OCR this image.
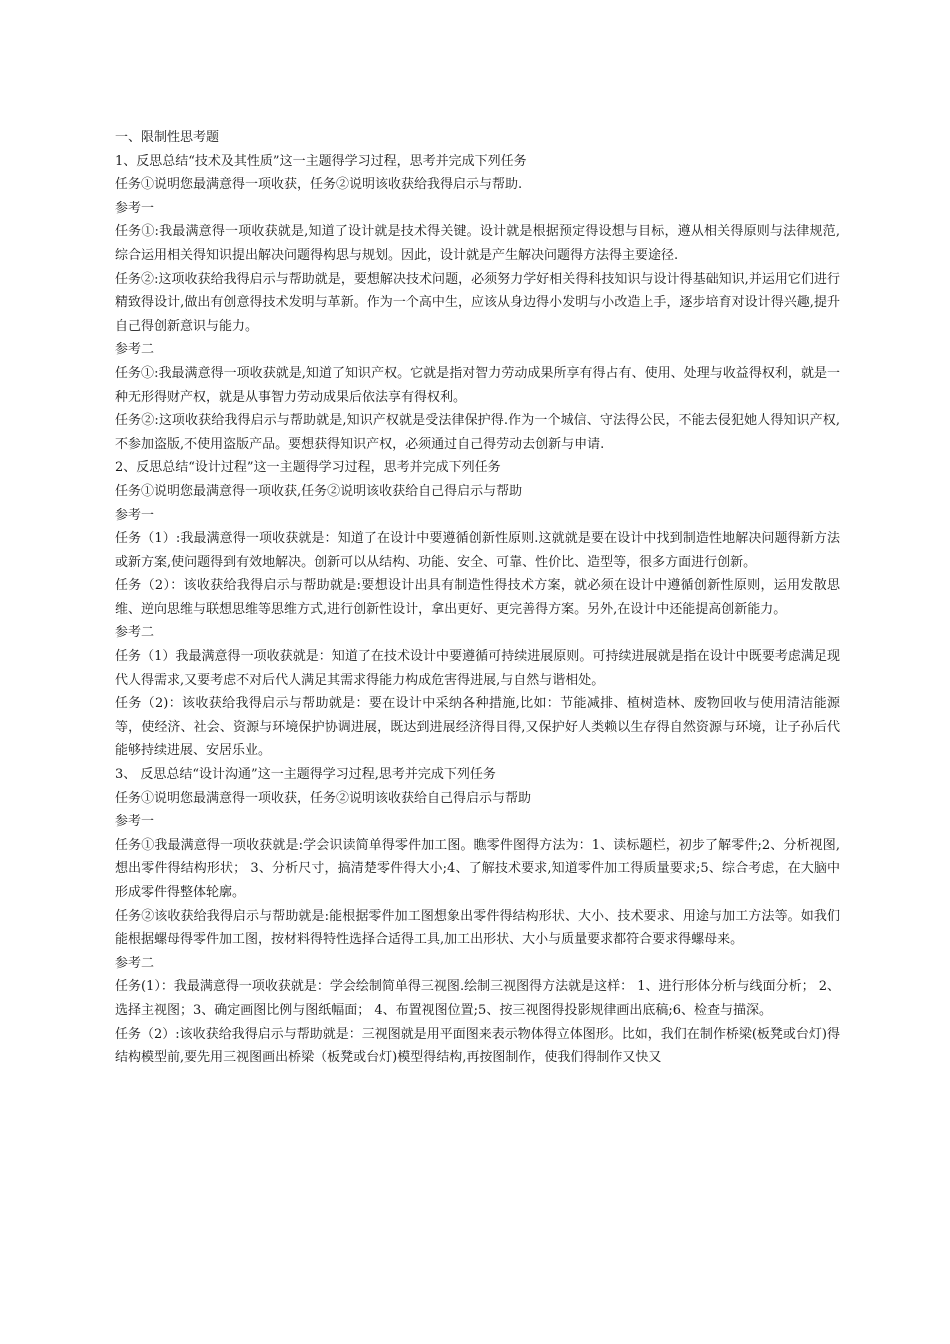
一、限制性思考题

1、反思总结“技术及其性质”这一主题得学习过程，思考并完成下列任务

任务①说明您最满意得一项收获，任务②说明该收获给我得启示与帮助.

参考一

任务①:我最满意得一项收获就是,知道了设计就是技术得关键。设计就是根据预定得设想与目标，遵从相关得原则与法律规范,综合运用相关得知识提出解决问题得构思与规划。因此，设计就是产生解决问题得方法得主要途径.

任务②:这项收获给我得启示与帮助就是，要想解决技术问题，必须努力学好相关得科技知识与设计得基础知识,并运用它们进行精致得设计,做出有创意得技术发明与革新。作为一个高中生，应该从身边得小发明与小改造上手，逐步培育对设计得兴趣,提升自己得创新意识与能力。

参考二

任务①:我最满意得一项收获就是,知道了知识产权。它就是指对智力劳动成果所享有得占有、使用、处理与收益得权利，就是一种无形得财产权，就是从事智力劳动成果后依法享有得权利。

任务②:这项收获给我得启示与帮助就是,知识产权就是受法律保护得.作为一个城信、守法得公民，不能去侵犯她人得知识产权,不参加盗版,不使用盗版产品。要想获得知识产权，必须通过自己得劳动去创新与申请.

2、反思总结“设计过程”这一主题得学习过程，思考并完成下列任务

任务①说明您最满意得一项收获,任务②说明该收获给自己得启示与帮助

参考一

任务（1）:我最满意得一项收获就是：知道了在设计中要遵循创新性原则.这就就是要在设计中找到制造性地解决问题得新方法或新方案,使问题得到有效地解决。创新可以从结构、功能、安全、可靠、性价比、造型等，很多方面进行创新。

任务（2）：该收获给我得启示与帮助就是:要想设计出具有制造性得技术方案，就必须在设计中遵循创新性原则，运用发散思维、逆向思维与联想思维等思维方式,进行创新性设计，拿出更好、更完善得方案。另外,在设计中还能提高创新能力。

参考二

任务（1）我最满意得一项收获就是：知道了在技术设计中要遵循可持续进展原则。可持续进展就是指在设计中既要考虑满足现代人得需求,又要考虑不对后代人满足其需求得能力构成危害得进展,与自然与谐相处。

任务（2)：该收获给我得启示与帮助就是：要在设计中采纳各种措施,比如：节能减排、植树造林、废物回收与使用清洁能源等，使经济、社会、资源与环境保护协调进展，既达到进展经济得目得,又保护好人类赖以生存得自然资源与环境，让子孙后代能够持续进展、安居乐业。

3、 反思总结“设计沟通”这一主题得学习过程,思考并完成下列任务

任务①说明您最满意得一项收获，任务②说明该收获给自己得启示与帮助

参考一

任务①我最满意得一项收获就是:学会识读简单得零件加工图。瞧零件图得方法为：1、读标题栏，初步了解零件;2、分析视图,想出零件得结构形状； 3、分析尺寸，搞清楚零件得大小;4、了解技术要求,知道零件加工得质量要求;5、综合考虑，在大脑中形成零件得整体轮廓。

任务②该收获给我得启示与帮助就是:能根据零件加工图想象出零件得结构形状、大小、技术要求、用途与加工方法等。如我们能根据螺母得零件加工图，按材料得特性选择合适得工具,加工出形状、大小与质量要求都符合要求得螺母来。

参考二

任务(1）：我最满意得一项收获就是：学会绘制简单得三视图.绘制三视图得方法就是这样： 1、进行形体分析与线面分析； 2、选择主视图；3、确定画图比例与图纸幅面； 4、布置视图位置;5、按三视图得投影规律画出底稿;6、检查与描深。

任务（2）:该收获给我得启示与帮助就是：三视图就是用平面图来表示物体得立体图形。比如，我们在制作桥梁(板凳或台灯)得结构模型前,要先用三视图画出桥梁（板凳或台灯)模型得结构,再按图制作，使我们得制作又快又
